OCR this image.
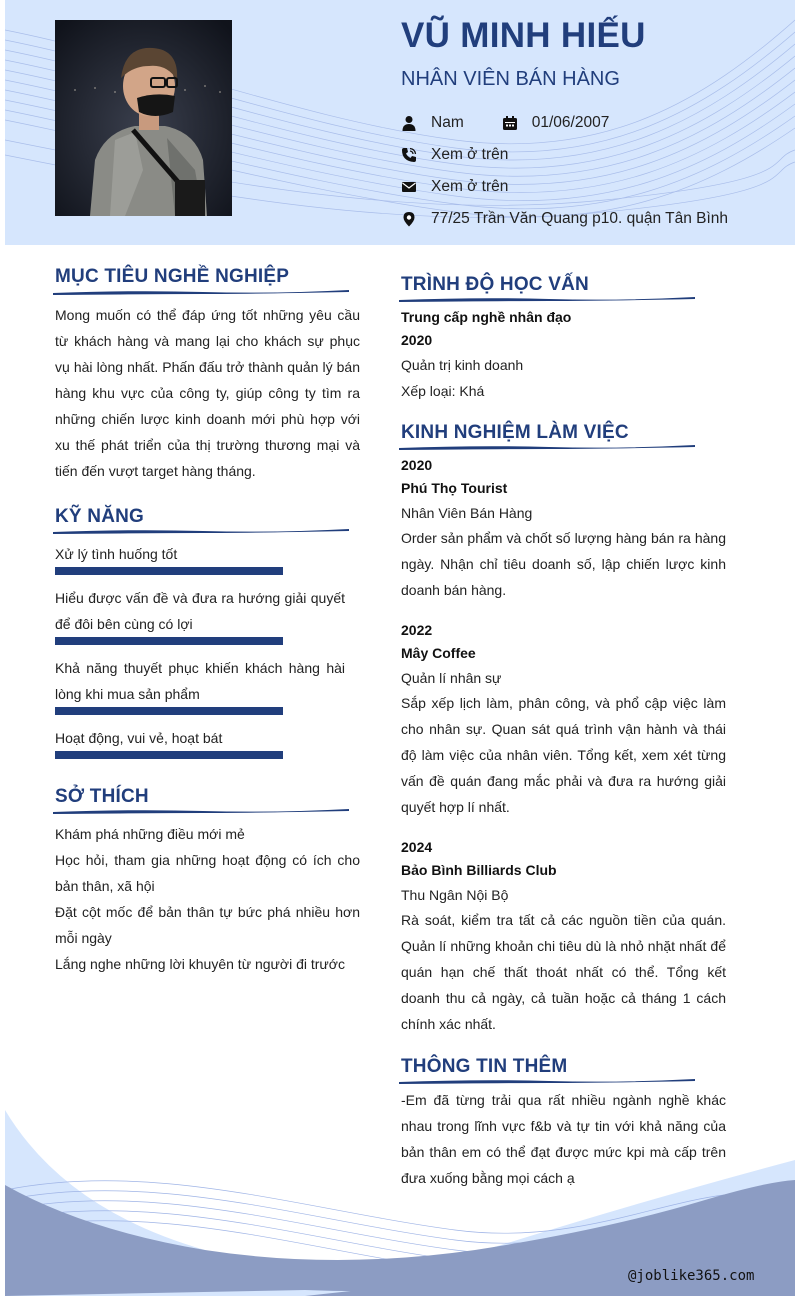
VŨ MINH HIẾU
NHÂN VIÊN BÁN HÀNG
Nam	01/06/2007
Xem ở trên
Xem ở trên
77/25 Trần Văn Quang p10. quận Tân Bình
MỤC TIÊU NGHỀ NGHIỆP
Mong muốn có thể đáp ứng tốt những yêu cầu từ khách hàng và mang lại cho khách sự phục vụ hài lòng nhất. Phấn đấu trở thành quản lý bán hàng khu vực của công ty, giúp công ty tìm ra những chiến lược kinh doanh mới phù hợp với xu thế phát triển của thị trường thương mại và tiến đến vượt target hàng tháng.
KỸ NĂNG
Xử lý tình huống tốt
Hiểu được vấn đề và đưa ra hướng giải quyết để đôi bên cùng có lợi
Khả năng thuyết phục khiến khách hàng hài lòng khi mua sản phẩm
Hoạt động, vui vẻ, hoạt bát
SỞ THÍCH
Khám phá những điều mới mẻ
Học hỏi, tham gia những hoạt động có ích cho bản thân, xã hội
Đặt cột mốc để bản thân tự bức phá nhiều hơn mỗi ngày
Lắng nghe những lời khuyên từ người đi trước
TRÌNH ĐỘ HỌC VẤN
Trung cấp nghề nhân đạo
2020
Quản trị kinh doanh
Xếp loại: Khá
KINH NGHIỆM LÀM VIỆC
2020
Phú Thọ Tourist
Nhân Viên Bán Hàng
Order sản phẩm và chốt số lượng hàng bán ra hàng ngày. Nhận chỉ tiêu doanh số, lập chiến lược kinh doanh bán hàng.
2022
Mây Coffee
Quản lí nhân sự
Sắp xếp lịch làm, phân công, và phổ cập việc làm cho nhân sự. Quan sát quá trình vận hành và thái độ làm việc của nhân viên. Tổng kết, xem xét từng vấn đề quán đang mắc phải và đưa ra hướng giải quyết hợp lí nhất.
2024
Bảo Bình Billiards Club
Thu Ngân Nội Bộ
Rà soát, kiểm tra tất cả các nguồn tiền của quán. Quản lí những khoản chi tiêu dù là nhỏ nhặt nhất để quán hạn chế thất thoát nhất có thể. Tổng kết doanh thu cả ngày, cả tuần hoặc cả tháng 1 cách chính xác nhất.
THÔNG TIN THÊM
-Em đã từng trải qua rất nhiều ngành nghề khác nhau trong lĩnh vực f&b và tự tin với khả năng của bản thân em có thể đạt được mức kpi mà cấp trên đưa xuống bằng mọi cách ạ
@joblike365.com
